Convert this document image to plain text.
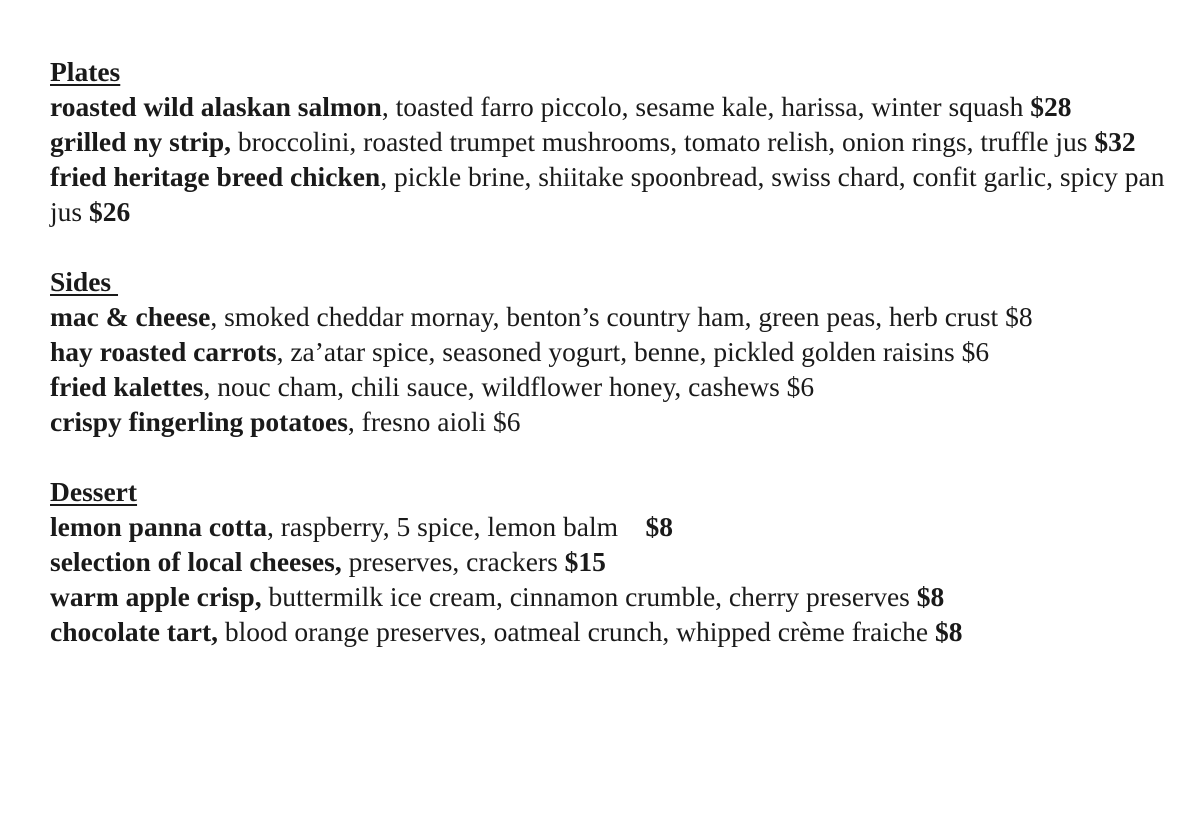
Plates
roasted wild alaskan salmon, toasted farro piccolo, sesame kale, harissa, winter squash $28
grilled ny strip, broccolini, roasted trumpet mushrooms, tomato relish, onion rings, truffle jus $32
fried heritage breed chicken, pickle brine, shiitake spoonbread, swiss chard, confit garlic, spicy pan jus $26
Sides
mac & cheese, smoked cheddar mornay, benton’s country ham, green peas, herb crust $8
hay roasted carrots, za’atar spice, seasoned yogurt, benne, pickled golden raisins $6
fried kalettes, nouc cham, chili sauce, wildflower honey, cashews $6
crispy fingerling potatoes, fresno aioli $6
Dessert
lemon panna cotta, raspberry, 5 spice, lemon balm    $8
selection of local cheeses, preserves, crackers $15
warm apple crisp, buttermilk ice cream, cinnamon crumble, cherry preserves $8
chocolate tart, blood orange preserves, oatmeal crunch, whipped crème fraiche $8
